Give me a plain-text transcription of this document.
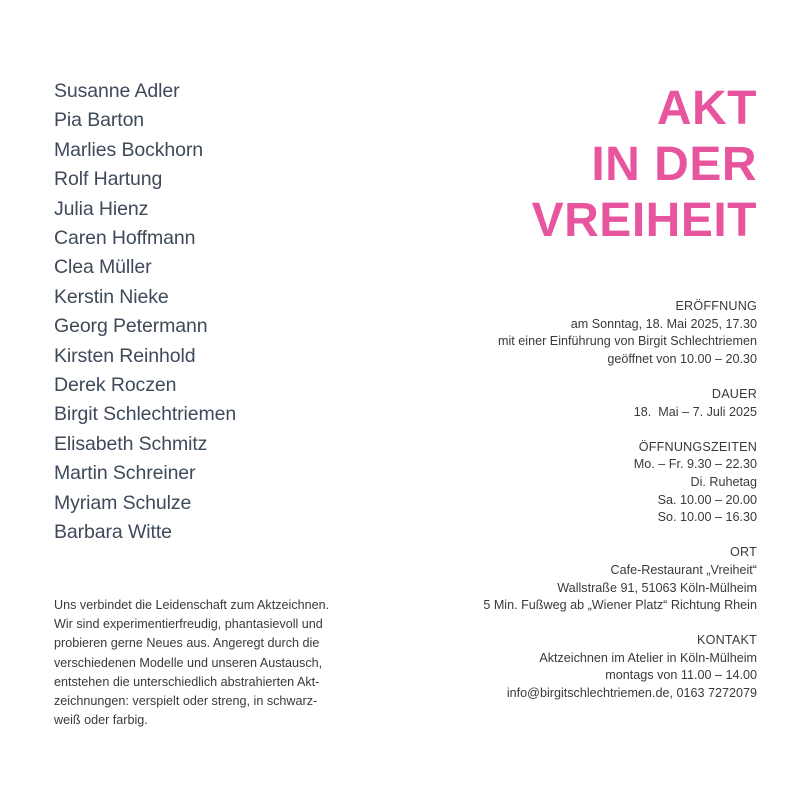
Susanne Adler
Pia Barton
Marlies Bockhorn
Rolf Hartung
Julia Hienz
Caren Hoffmann
Clea Müller
Kerstin Nieke
Georg Petermann
Kirsten Reinhold
Derek Roczen
Birgit Schlechtriemen
Elisabeth Schmitz
Martin Schreiner
Myriam Schulze
Barbara Witte

Uns verbindet die Leidenschaft zum Aktzeichnen.
Wir sind experimentierfreudig, phantasievoll und
probieren gerne Neues aus. Angeregt durch die
verschiedenen Modelle und unseren Austausch,
entstehen die unterschiedlich abstrahierten Akt-
zeichnungen: verspielt oder streng, in schwarz-
weiß oder farbig.

AKT
IN DER
VREIHEIT
ERÖFFNUNG
am Sonntag, 18. Mai 2025, 17.30
mit einer Einführung von Birgit Schlechtriemen
geöffnet von 10.00 – 20.30
DAUER
18.  Mai – 7. Juli 2025
ÖFFNUNGSZEITEN
Mo. – Fr. 9.30 – 22.30
Di. Ruhetag
Sa. 10.00 – 20.00
So. 10.00 – 16.30
ORT
Cafe-Restaurant „Vreiheit“
Wallstraße 91, 51063 Köln-Mülheim
5 Min. Fußweg ab „Wiener Platz“ Richtung Rhein
KONTAKT
Aktzeichnen im Atelier in Köln-Mülheim
montags von 11.00 – 14.00
info@birgitschlechtriemen.de, 0163 7272079
